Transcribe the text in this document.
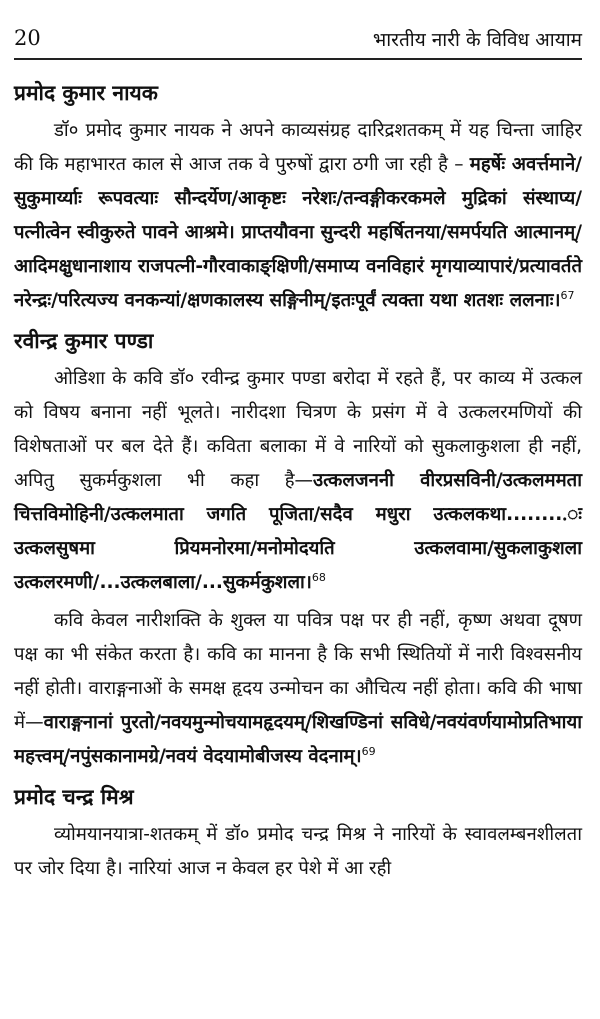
20	भारतीय नारी के विविध आयाम
प्रमोद कुमार नायक

डॉ० प्रमोद कुमार नायक ने अपने काव्यसंग्रह दारिद्रशतकम् में यह चिन्ता जाहिर की कि महाभारत काल से आज तक वे पुरुषों द्वारा ठगी जा रही है – महर्षेः अवर्त्तमाने/सुकुमार्य्याः रूपवत्याः सौन्दर्येण/आकृष्टः नरेशः/तन्वङ्गीकरकमले मुद्रिकां संस्थाप्य/पत्नीत्वेन स्वीकुरुते पावने आश्रमे। प्राप्तयौवना सुन्दरी महर्षितनया/समर्पयति आत्मानम्/आदिमक्षुधानाशाय राजपत्नी-गौरवाकाङ्क्षिणी/समाप्य वनविहारं मृगयाव्यापारं/प्रत्यावर्तते नरेन्द्रः/परित्यज्य वनकन्यां/क्षणकालस्य सङ्गिनीम्/इतःपूर्वं त्यक्ता यथा शतशः ललनाः।$^{67}$

रवीन्द्र कुमार पण्डा

ओडिशा के कवि डॉ० रवीन्द्र कुमार पण्डा बरोदा में रहते हैं, पर काव्य में उत्कल को विषय बनाना नहीं भूलते। नारीदशा चित्रण के प्रसंग में वे उत्कलरमणियों की विशेषताओं पर बल देते हैं। कविता बलाका में वे नारियों को सुकलाकुशला ही नहीं, अपितु सुकर्मकुशला भी कहा है—उत्कलजननी वीरप्रसविनी/उत्कलममता चित्तविमोहिनी/उत्कलमाता जगति पूजिता/सदैव मधुरा उत्कलकथा.........ः उत्कलसुषमा प्रियमनोरमा/मनोमोदयति उत्कलवामा/सुकलाकुशला उत्कलरमणी/...उत्कलबाला/...सुकर्मकुशला।$^{68}$

कवि केवल नारीशक्ति के शुक्ल या पवित्र पक्ष पर ही नहीं, कृष्ण अथवा दूषण पक्ष का भी संकेत करता है। कवि का मानना है कि सभी स्थितियों में नारी विश्वसनीय नहीं होती। वाराङ्गनाओं के समक्ष हृदय उन्मोचन का औचित्य नहीं होता। कवि की भाषा में—वाराङ्गनानां पुरतो/नवयमुन्मोचयामहृदयम्/शिखण्डिनां सविधे/नवयंवर्णयामोप्रतिभाया महत्त्वम्/नपुंसकानामग्रे/नवयं वेदयामोबीजस्य वेदनाम्।$^{69}$

प्रमोद चन्द्र मिश्र

व्योमयानयात्रा-शतकम् में डॉ० प्रमोद चन्द्र मिश्र ने नारियों के स्वावलम्बनशीलता पर जोर दिया है। नारियां आज न केवल हर पेशे में आ रही
